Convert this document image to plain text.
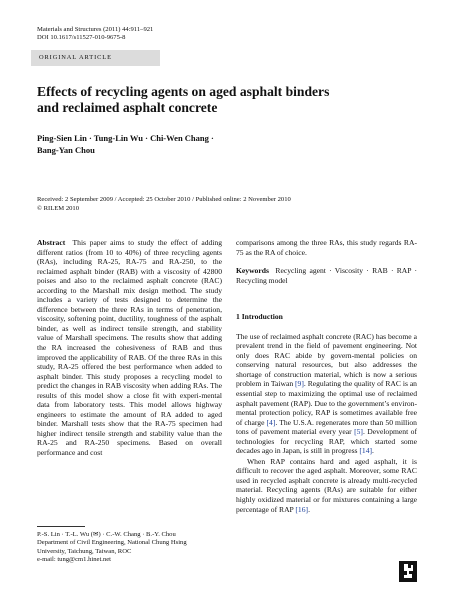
Materials and Structures (2011) 44:911–921
DOI 10.1617/s11527-010-9675-8
ORIGINAL ARTICLE
Effects of recycling agents on aged asphalt binders
and reclaimed asphalt concrete
Ping-Sien Lin · Tung-Lin Wu · Chi-Wen Chang ·
Bang-Yan Chou
Received: 2 September 2009 / Accepted: 25 October 2010 / Published online: 2 November 2010
© RILEM 2010

Abstract This paper aims to study the effect of adding different ratios (from 10 to 40%) of three recycling agents (RAs), including RA-25, RA-75 and RA-250, to the reclaimed asphalt binder (RAB) with a viscosity of 42800 poises and also to the reclaimed asphalt concrete (RAC) according to the Marshall mix design method. The study includes a variety of tests designed to determine the difference between the three RAs in terms of penetration, viscosity, softening point, ductility, toughness of the asphalt binder, as well as indirect tensile strength, and stability value of Marshall specimens. The results show that adding the RA increased the cohesiveness of RAB and thus improved the applicability of RAB. Of the three RAs in this study, RA-25 offered the best performance when added to asphalt binder. This study proposes a recycling model to predict the changes in RAB viscosity when adding RAs. The results of this model show a close fit with experi-mental data from laboratory tests. This model allows highway engineers to estimate the amount of RA added to aged binder. Marshall tests show that the RA-75 specimen had higher indirect tensile strength and stability value than the RA-25 and RA-250 specimens. Based on overall performance and cost

comparisons among the three RAs, this study regards RA-75 as the RA of choice.

Keywords Recycling agent · Viscosity · RAB · RAP · Recycling model

1 Introduction

The use of reclaimed asphalt concrete (RAC) has become a prevalent trend in the field of pavement engineering. Not only does RAC abide by govern-mental policies on conserving natural resources, but also addresses the shortage of construction material, which is now a serious problem in Taiwan [9]. Regulating the quality of RAC is an essential step to maximizing the optimal use of reclaimed asphalt pavement (RAP). Due to the government’s environ-mental protection policy, RAP is sometimes available free of charge [4]. The U.S.A. regenerates more than 50 million tons of pavement material every year [5]. Development of technologies for recycling RAP, which started some decades ago in Japan, is still in progress [14].

When RAP contains hard and aged asphalt, it is difficult to recover the aged asphalt. Moreover, some RAC used in recycled asphalt concrete is already multi-recycled material. Recycling agents (RAs) are suitable for either highly oxidized material or for mixtures containing a large percentage of RAP [16].

P.-S. Lin · T.-L. Wu (✉) · C.-W. Chang · B.-Y. Chou
Department of Civil Engineering, National Chung Hsing
University, Taichung, Taiwan, ROC
e-mail: tung@cm1.hinet.net
